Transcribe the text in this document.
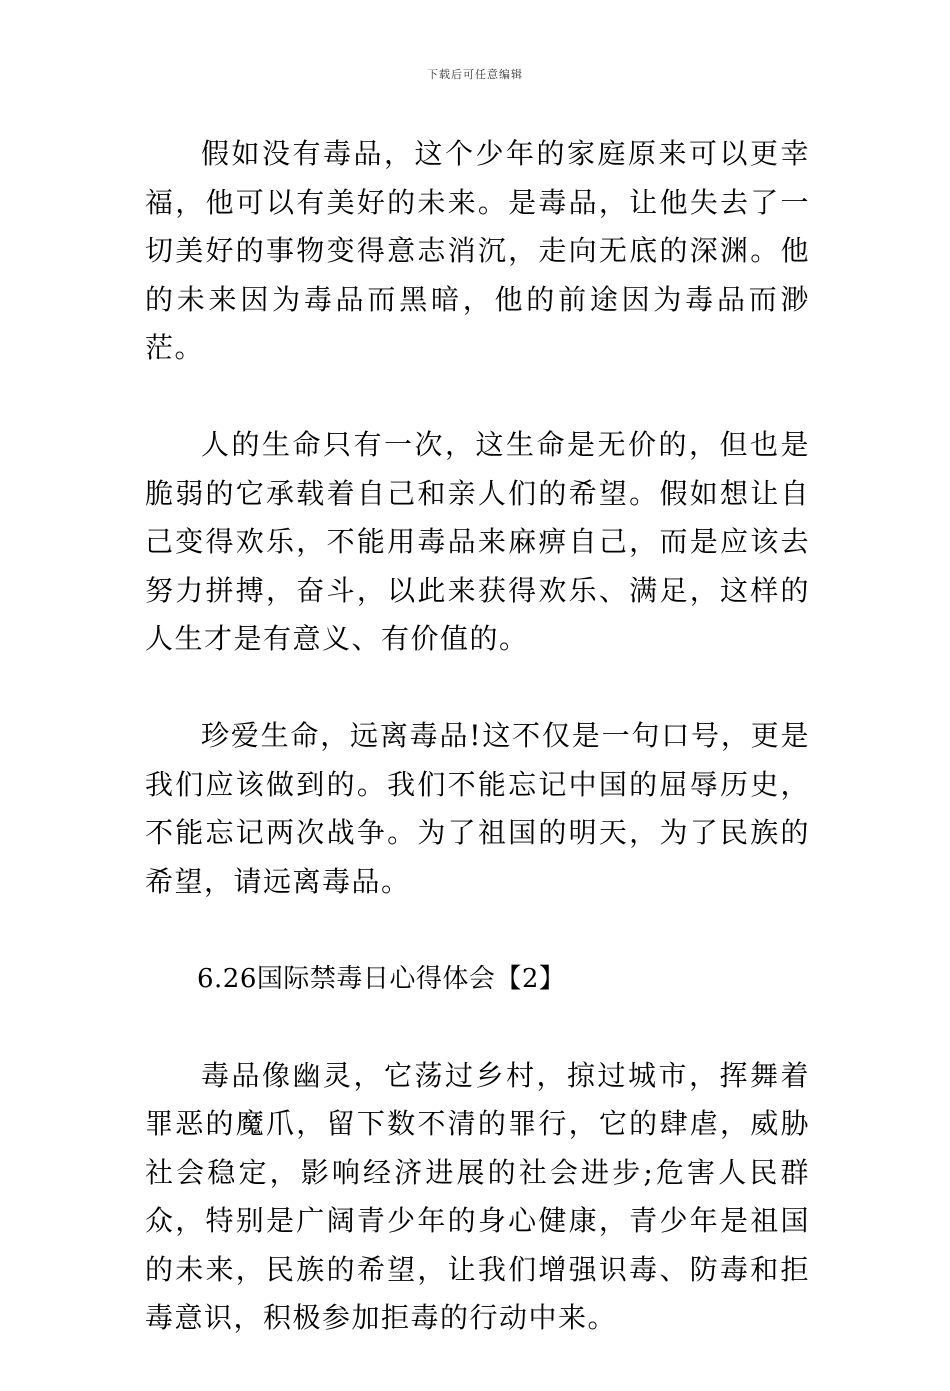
下载后可任意编辑

假如没有毒品，这个少年的家庭原来可以更幸福，他可以有美好的未来。是毒品，让他失去了一切美好的事物变得意志消沉，走向无底的深渊。他的未来因为毒品而黑暗，他的前途因为毒品而渺茫。

人的生命只有一次，这生命是无价的，但也是脆弱的它承载着自己和亲人们的希望。假如想让自己变得欢乐，不能用毒品来麻痹自己，而是应该去努力拼搏，奋斗，以此来获得欢乐、满足，这样的人生才是有意义、有价值的。

珍爱生命，远离毒品!这不仅是一句口号，更是我们应该做到的。我们不能忘记中国的屈辱历史，不能忘记两次战争。为了祖国的明天，为了民族的希望，请远离毒品。

6.26国际禁毒日心得体会【2】

毒品像幽灵，它荡过乡村，掠过城市，挥舞着罪恶的魔爪，留下数不清的罪行，它的肆虐，威胁社会稳定，影响经济进展的社会进步;危害人民群众，特别是广阔青少年的身心健康，青少年是祖国的未来，民族的希望，让我们增强识毒、防毒和拒毒意识，积极参加拒毒的行动中来。
